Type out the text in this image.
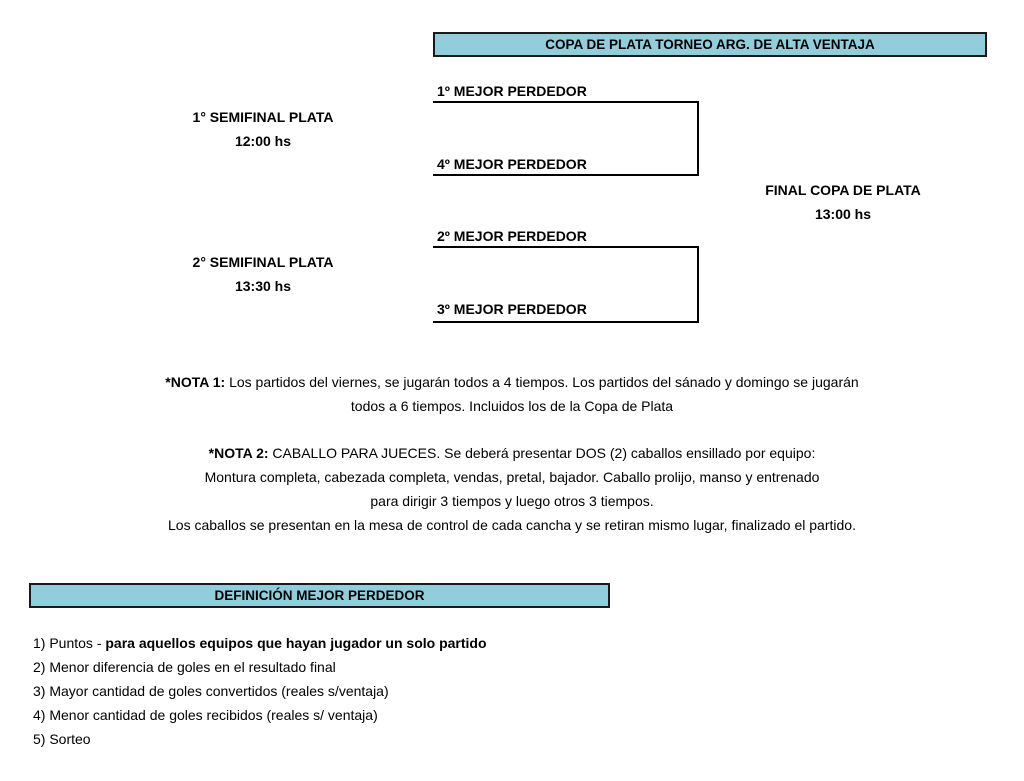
COPA DE PLATA TORNEO ARG. DE ALTA VENTAJA
1º MEJOR PERDEDOR
4º MEJOR PERDEDOR
2º MEJOR PERDEDOR
3º MEJOR PERDEDOR
1° SEMIFINAL PLATA
12:00 hs
2° SEMIFINAL PLATA
13:30 hs
FINAL COPA DE PLATA
13:00 hs
*NOTA 1: Los partidos del viernes, se jugarán todos a 4 tiempos. Los partidos del sánado y domingo se jugarán
todos a 6 tiempos. Incluidos los de la Copa de Plata
*NOTA 2: CABALLO PARA JUECES. Se deberá presentar DOS (2) caballos ensillado por equipo:
Montura completa, cabezada completa, vendas, pretal, bajador. Caballo prolijo, manso y entrenado
para dirigir 3 tiempos y luego otros 3 tiempos.
Los caballos se presentan en la mesa de control de cada cancha y se retiran mismo lugar, finalizado el partido.
DEFINICIÓN MEJOR PERDEDOR
1) Puntos - para aquellos equipos que hayan jugador un solo partido
2) Menor diferencia de goles en el resultado final
3) Mayor cantidad de goles convertidos (reales s/ventaja)
4) Menor cantidad de goles recibidos (reales s/ ventaja)
5) Sorteo
